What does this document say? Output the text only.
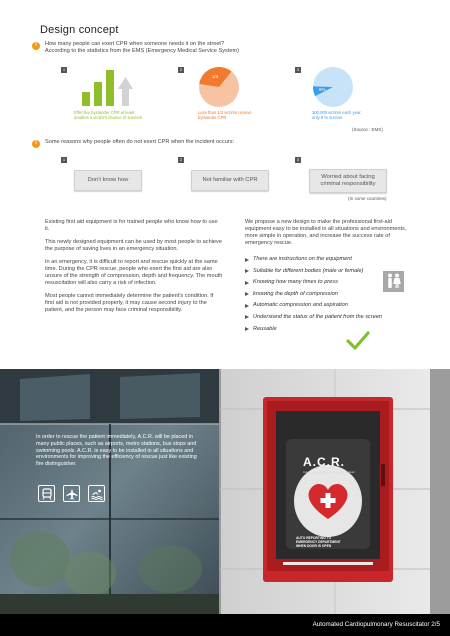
Design concept
!	How many people can exert CPR when someone needs it on the street?
According to the statistics from the EMS (Emergency Medical Service System)
1	2	3
Effective bystander CPR at least
doubles a victim's chance of survival
1/3
Less than 1/3 victims receive
bystander CPR
8%
300,000 victims each year,
only 8 % survive
(Source : EMS)
!	Some reasons why people often do not exert CPR when the incident occurs:
1	2	3
Don't know how	Not familiar with CPR	Worried about facing
criminal responsibility
(In some countries)

Existing first aid equipment is for trained people who know how to use it.

This newly designed equipment can be used by most people to achieve the purpose of saving lives in an emergency situation.

In an emergency, it is difficult to report and rescue quickly at the same time. During the CPR rescue, people who exert the first aid are also unsure of the strength of compression, depth and frequency. The mouth resuscitation will also carry a risk of infection.

Most people cannot immediately determine the patient's condition. If first aid is not provided properly, it may cause second injury to the patient, and the person may face criminal responsibility.

We propose a new design to make the professional first-aid equipment easy to be installed in all situations and environments, more simple in operation, and increase the success rate of emergency rescue.

There are instructions on the equipment
Suitable for different bodies (male or female)
Knowing how many times to press
knowing the depth of compression
Automatic compression and aspiration
Understand the status of the patient from the screen
Reusable
A.C.R.
Automated Cardiopulmonary Resuscitator
AUTO REPORTING TO
EMERGENCY DEPARTMENT
WHEN DOOR IS OPEN
In order to rescue the patient immediately, A.C.R. will be placed in many public places, such as airports, metro stations, bus stops and swimming pools. A.C.R. is easy to be installed in all situations and environments for improving the efficiency of rescue just like existing fire distinguisher.
Automated Cardiopulmonary Resuscitator 2/5
